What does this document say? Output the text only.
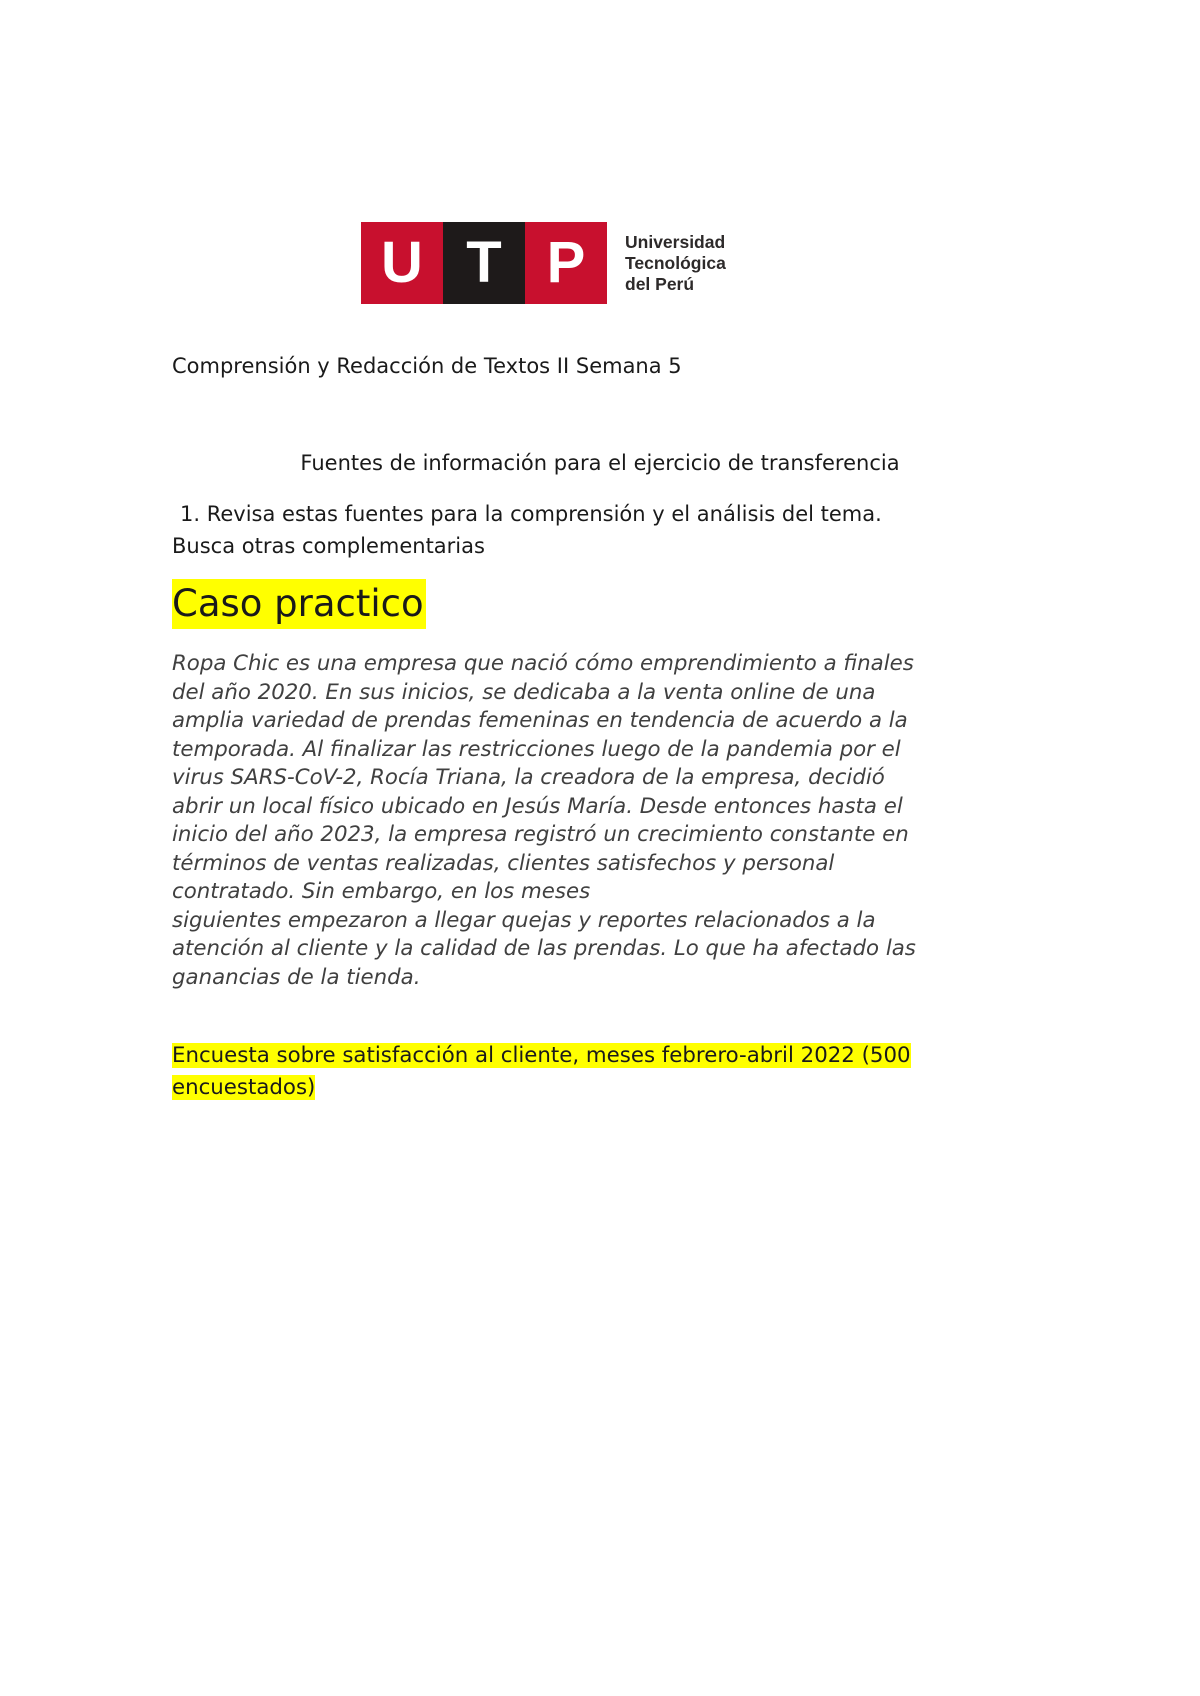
U T P	Universidad
Tecnológica
del Perú
Comprensión y Redacción de Textos II Semana 5
Fuentes de información para el ejercicio de transferencia
1. Revisa estas fuentes para la comprensión y el análisis del tema.
Busca otras complementarias
Caso practico
Ropa Chic es una empresa que nació cómo emprendimiento a finales
del año 2020. En sus inicios, se dedicaba a la venta online de una
amplia variedad de prendas femeninas en tendencia de acuerdo a la
temporada. Al finalizar las restricciones luego de la pandemia por el
virus SARS-CoV-2, Rocía Triana, la creadora de la empresa, decidió
abrir un local físico ubicado en Jesús María. Desde entonces hasta el
inicio del año 2023, la empresa registró un crecimiento constante en
términos de ventas realizadas, clientes satisfechos y personal
contratado. Sin embargo, en los meses
siguientes empezaron a llegar quejas y reportes relacionados a la
atención al cliente y la calidad de las prendas. Lo que ha afectado las
ganancias de la tienda.
Encuesta sobre satisfacción al cliente, meses febrero-abril 2022 (500 encuestados)
